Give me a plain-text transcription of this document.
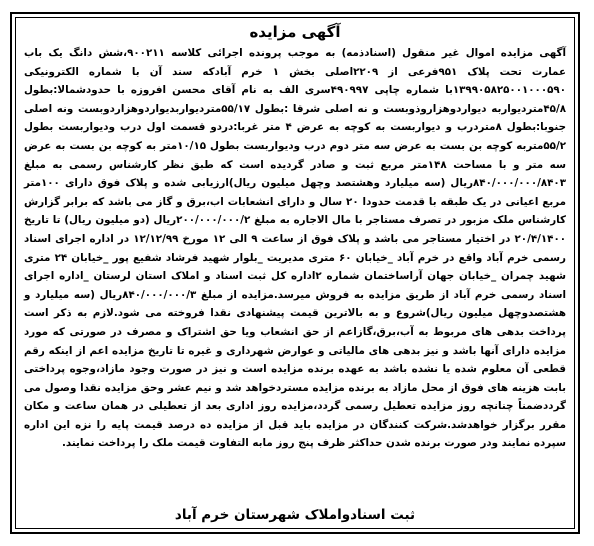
آگهی مزایده

آگهی مزایده اموال غیر منقول (اسنادذمه) به موجب پرونده اجرائی کلاسه ۹۰۰۲۱۱،شش دانگ یک باب عمارت تحت پلاک ۹۵۱فرعی از ۲۲۰۹اصلی بخش ۱ خرم آبادکه سند آن با شماره الکترونیکی ۱۳۹۹۰۵۸۲۵۰۰۱۰۰۰۵۹۰با شماره چاپی ۴۹۰۹۹۷سری الف به نام آقای محسن افروزه با حدودشمالا:بطول ۴۵/۸متردیواربه دیواردوهزاروذوبست و نه اصلی شرقا :بطول ۵۵/۱۷متردیواربدیواردوهزاردوبست ونه اصلی جنوبا:بطول ۸متردرب و دیواربست به کوچه به عرض ۴ متر غربا:دردو قسمت اول درب ودیواربست بطول ۵۵/۲متربه کوچه بن بست به عرض سه متر دوم درب ودیواربست بطول ۱۰/۱۵متر به کوچه بن بست به عرض سه متر و با مساحت ۱۴۸متر مربع ثبت و صادر گردیده است که طبق نظر کارشناس رسمی به مبلغ ۸۴۰/۰۰۰/۰۰۰/۸۴۰۳ریال (سه میلیارد وهشتصد وچهل میلیون ریال)ارزیابی شده و پلاک فوق دارای ۱۰۰متر مربع اعیانی در یک طبقه با قدمت حدودا ۲۰ سال و دارای انشعابات اب،برق و گاز می باشد که برابر گزارش کارشناس ملک مزبور در تصرف مستاجر با مال الاجاره به مبلغ ۲۰۰/۰۰۰/۰۰۰/۲ریال (دو میلیون ریال) تا تاریخ ۲۰/۴/۱۴۰۰ در اختیار مستاجر می باشد و پلاک فوق از ساعت ۹ الی ۱۲ مورخ ۱۲/۱۲/۹۹ در اداره اجرای اسناد رسمی خرم آباد واقع در خرم آباد _خیابان ۶۰ متری مدیریت _بلوار شهید فرشاد شفیع پور _خیابان ۲۴ متری شهید چمران _خیابان جهان آراساختمان شماره ۲اداره کل ثبت اسناد و املاک استان لرستان _اداره اجرای اسناد رسمی خرم آباد از طریق مزایده به فروش میرسد.مزایده از مبلغ ۸۴۰/۰۰۰/۰۰۰/۳ریال (سه میلیارد و هشتصدوچهل میلیون ریال)شروع و به بالاترین قیمت پیشنهادی نقدا فروخته می شود.لازم به ذکر است پرداخت بدهی های مربوط به آب،برق،گازاعم از حق انشعاب ویا حق اشتراک و مصرف در صورتی که مورد مزایده دارای آنها باشد و نیز بدهی های مالیاتی و عوارض شهرداری و غیره تا تاریخ مزایده اعم از اینکه رقم قطعی آن معلوم شده یا نشده باشد به عهده برنده مزایده است و نیز در صورت وجود مازاد،وجوه پرداختی بابت هزینه های فوق از محل مازاد به برنده مزایده مستردخواهد شد و نیم عشر وحق مزایده نقدا وصول می گرددضمناً چنانچه روز مزایده تعطیل رسمی گردد،مزایده روز اداری بعد از تعطیلی در همان ساعت و مکان مقرر برگزار خواهدشد.شرکت کنندگان در مزایده باید قبل از مزایده ده درصد قیمت پایه را نزه این اداره سپرده نمایند ودر صورت برنده شدن حداکثر ظرف پنج روز مابه التفاوت قیمت ملک را پرداخت نمایند.

ثبت اسنادواملاک شهرستان خرم آباد
